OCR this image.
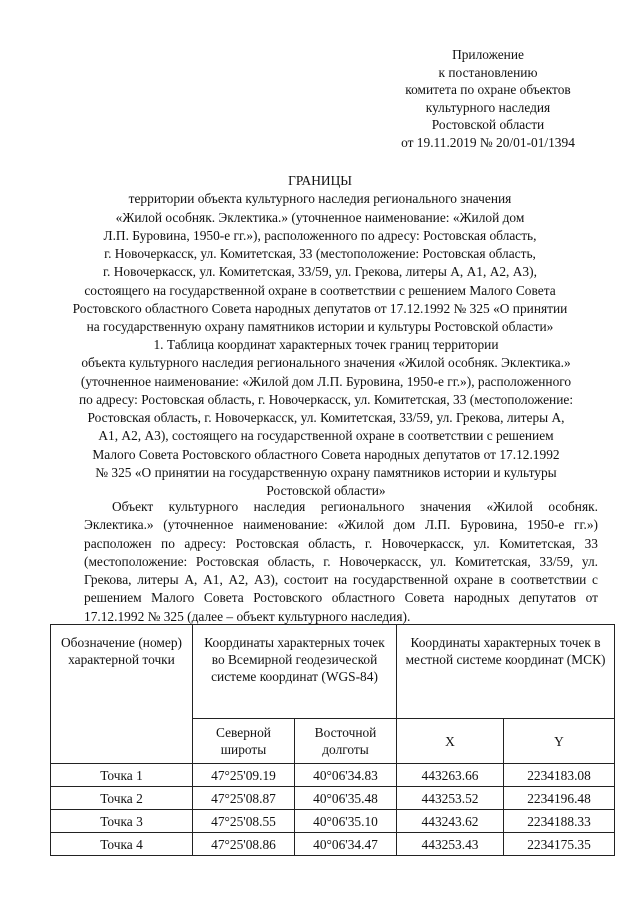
Приложение
к постановлению
комитета по охране объектов
культурного наследия
Ростовской области
от 19.11.2019 № 20/01-01/1394
ГРАНИЦЫ
территории объекта культурного наследия регионального значения
«Жилой особняк. Эклектика.» (уточненное наименование: «Жилой дом
Л.П. Буровина, 1950-е гг.»), расположенного по адресу: Ростовская область,
г. Новочеркасск, ул. Комитетская, 33 (местоположение: Ростовская область,
г. Новочеркасск, ул. Комитетская, 33/59, ул. Грекова, литеры А, А1, А2, А3),
состоящего на государственной охране в соответствии с решением Малого Совета
Ростовского областного Совета народных депутатов от 17.12.1992 № 325 «О принятии
на государственную охрану памятников истории и культуры Ростовской области»
1. Таблица координат характерных точек границ территории
объекта культурного наследия регионального значения «Жилой особняк. Эклектика.»
(уточненное наименование: «Жилой дом Л.П. Буровина, 1950-е гг.»), расположенного
по адресу: Ростовская область, г. Новочеркасск, ул. Комитетская, 33 (местоположение:
Ростовская область, г. Новочеркасск, ул. Комитетская, 33/59, ул. Грекова, литеры А,
А1, А2, А3), состоящего на государственной охране в соответствии с решением
Малого Совета Ростовского областного Совета народных депутатов от 17.12.1992
№ 325 «О принятии на государственную охрану памятников истории и культуры
Ростовской области»

Объект культурного наследия регионального значения «Жилой особняк. Эклектика.» (уточненное наименование: «Жилой дом Л.П. Буровина, 1950-е гг.») расположен по адресу: Ростовская область, г. Новочеркасск, ул. Комитетская, 33 (местоположение: Ростовская область, г. Новочеркасск, ул. Комитетская, 33/59, ул. Грекова, литеры А, А1, А2, А3), состоит на государственной охране в соответствии с решением Малого Совета Ростовского областного Совета народных депутатов от 17.12.1992 № 325 (далее – объект культурного наследия).

Обозначение (номер) характерной точки	Координаты характерных точек во Всемирной геодезической системе координат (WGS-84)		Координаты характерных точек в местной системе координат (МСК)	
	Северной широты	Восточной долготы	X	Y
Точка 1	47°25'09.19	40°06'34.83	443263.66	2234183.08
Точка 2	47°25'08.87	40°06'35.48	443253.52	2234196.48
Точка 3	47°25'08.55	40°06'35.10	443243.62	2234188.33
Точка 4	47°25'08.86	40°06'34.47	443253.43	2234175.35
